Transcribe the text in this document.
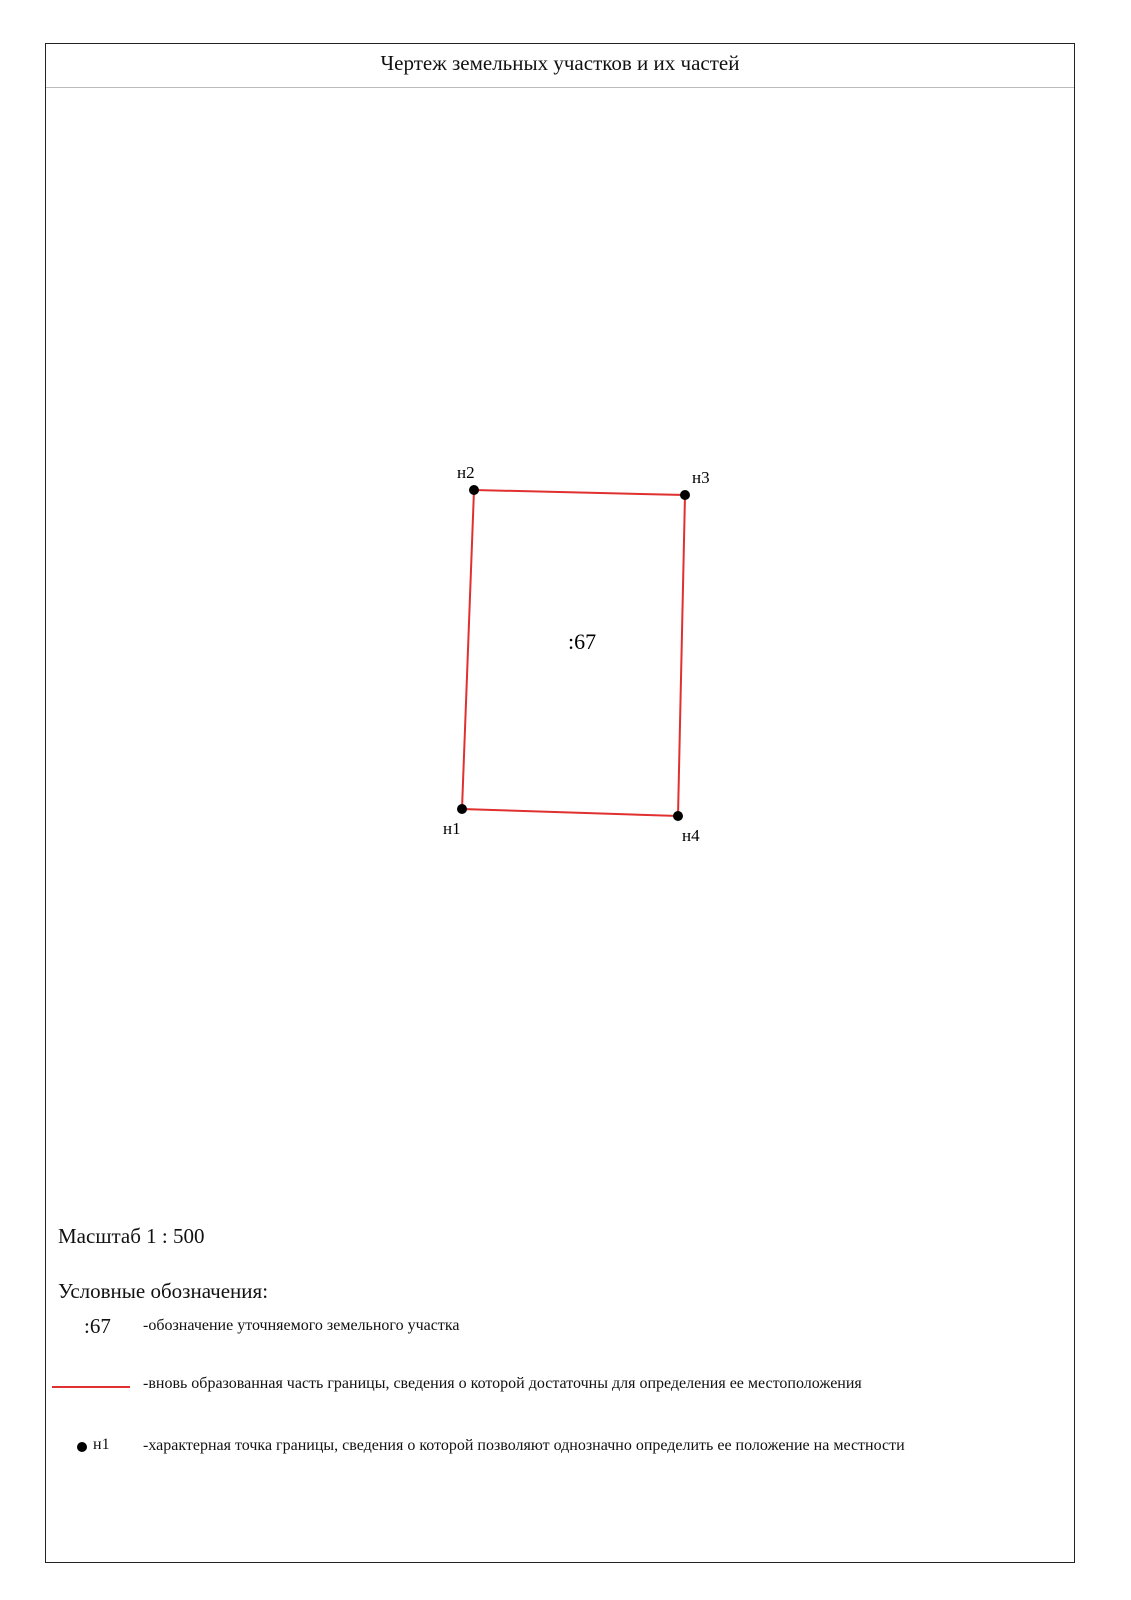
Чертеж земельных участков и их частей
н1
н2	н3
н4
:67
Масштаб 1 : 500
Условные обозначения:
:67 -обозначение уточняемого земельного участка
-вновь образованная часть границы, сведения о которой достаточны для определения ее местоположения
н1 -характерная точка границы, сведения о которой позволяют однозначно определить ее положение на местности
